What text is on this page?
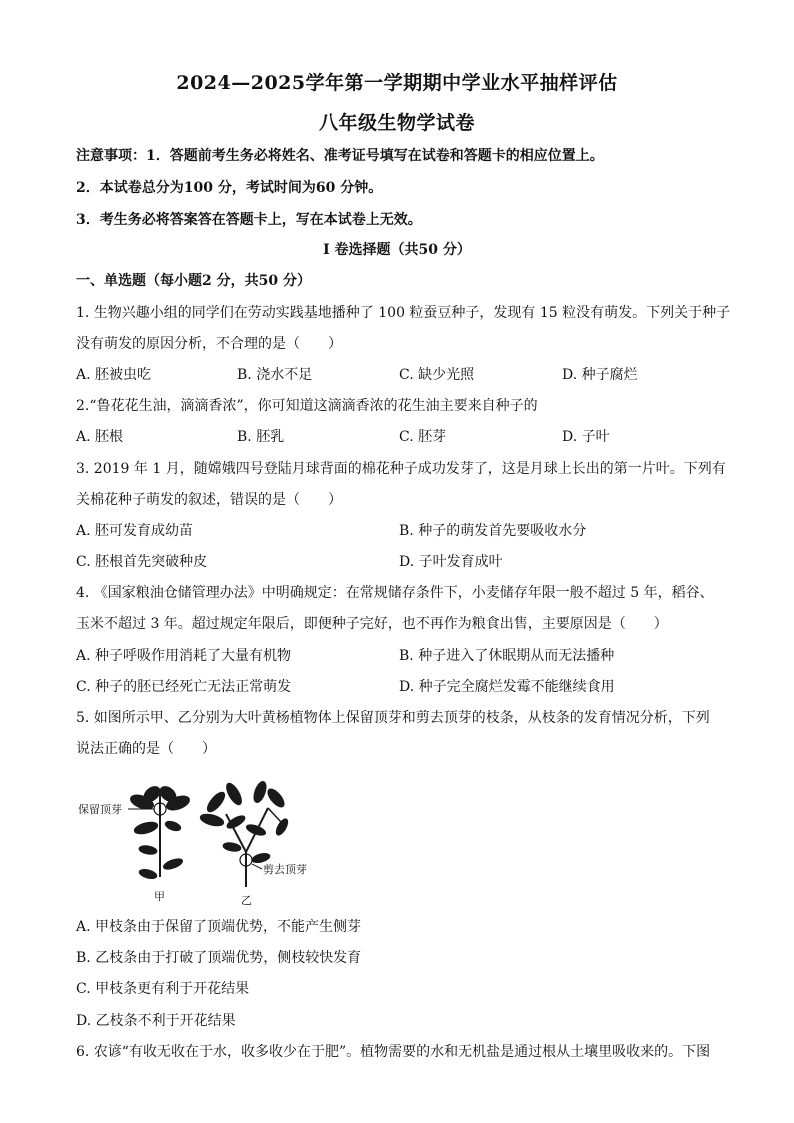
2024—2025学年第一学期期中学业水平抽样评估
八年级生物学试卷
注意事项：1．答题前考生务必将姓名、准考证号填写在试卷和答题卡的相应位置上。
2．本试卷总分为100 分，考试时间为60 分钟。
3．考生务必将答案答在答题卡上，写在本试卷上无效。
I 卷选择题（共50 分）
一、单选题（每小题2 分，共50 分）
1. 生物兴趣小组的同学们在劳动实践基地播种了 100 粒蚕豆种子，发现有 15 粒没有萌发。下列关于种子
没有萌发的原因分析，不合理的是（　　）
A. 胚被虫吃	B. 浇水不足	C. 缺少光照	D. 种子腐烂
2.“鲁花花生油，滴滴香浓”，你可知道这滴滴香浓的花生油主要来自种子的
A. 胚根	B. 胚乳	C. 胚芽	D. 子叶
3. 2019 年 1 月，随嫦娥四号登陆月球背面的棉花种子成功发芽了，这是月球上长出的第一片叶。下列有
关棉花种子萌发的叙述，错误的是（　　）
A. 胚可发育成幼苗	B. 种子的萌发首先要吸收水分
C. 胚根首先突破种皮	D. 子叶发育成叶
4. 《国家粮油仓储管理办法》中明确规定：在常规储存条件下，小麦储存年限一般不超过 5 年，稻谷、
玉米不超过 3 年。超过规定年限后，即便种子完好，也不再作为粮食出售，主要原因是（　　）
A. 种子呼吸作用消耗了大量有机物	B. 种子进入了休眠期从而无法播种
C. 种子的胚已经死亡无法正常萌发	D. 种子完全腐烂发霉不能继续食用
5. 如图所示甲、乙分别为大叶黄杨植物体上保留顶芽和剪去顶芽的枝条，从枝条的发育情况分析，下列
说法正确的是（　　）
保留顶芽
甲
剪去顶芽
乙
A. 甲枝条由于保留了顶端优势，不能产生侧芽
B. 乙枝条由于打破了顶端优势，侧枝较快发育
C. 甲枝条更有利于开花结果
D. 乙枝条不利于开花结果
6. 农谚“有收无收在于水，收多收少在于肥”。植物需要的水和无机盐是通过根从土壤里吸收来的。下图
